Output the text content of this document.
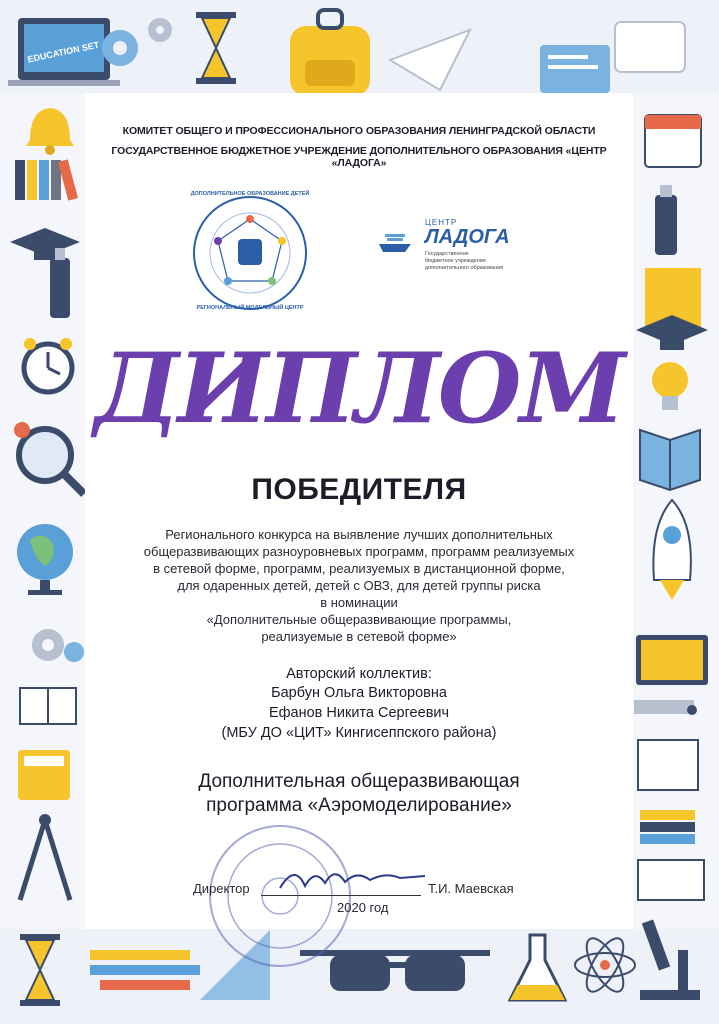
EDUCATION SET
КОМИТЕТ ОБЩЕГО И ПРОФЕССИОНАЛЬНОГО ОБРАЗОВАНИЯ ЛЕНИНГРАДСКОЙ ОБЛАСТИ
ГОСУДАРСТВЕННОЕ БЮДЖЕТНОЕ УЧРЕЖДЕНИЕ ДОПОЛНИТЕЛЬНОГО ОБРАЗОВАНИЯ «ЦЕНТР «ЛАДОГА»
ДОПОЛНИТЕЛЬНОЕ ОБРАЗОВАНИЕ ДЕТЕЙ
РЕГИОНАЛЬНЫЙ МОДЕЛЬНЫЙ ЦЕНТР
ЦЕНТР
ЛАДОГА
Государственное
бюджетное учреждение
дополнительного образования
ДИПЛОМ
ПОБЕДИТЕЛЯ
Регионального конкурса на выявление лучших дополнительных
общеразвивающих разноуровневых программ, программ реализуемых
в сетевой форме, программ, реализуемых в дистанционной форме,
для одаренных детей, детей с ОВЗ, для детей группы риска
в номинации
«Дополнительные общеразвивающие программы,
реализуемые в сетевой форме»
Авторский коллектив:
Барбун Ольга Викторовна
Ефанов Никита Сергеевич
(МБУ ДО «ЦИТ» Кингисеппского района)
Дополнительная общеразвивающая
программа «Аэромоделирование»
Директор	Т.И. Маевская
2020 год
